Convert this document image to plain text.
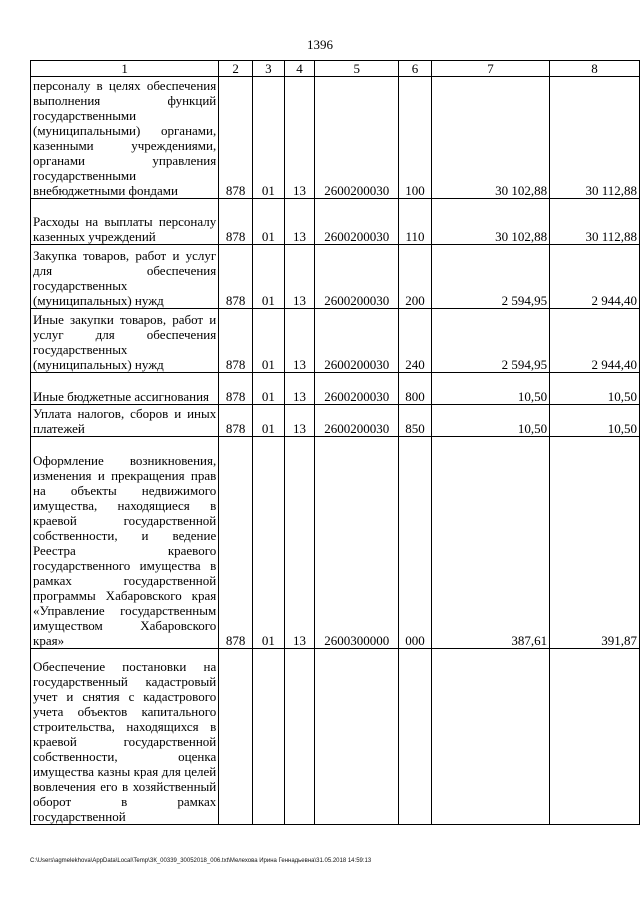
1396
1	2	3	4	5	6	7	8
персоналу в целях обеспечения выполнения функций государственными (муниципальными) органами, казенными учреждениями, органами управления государственными внебюджетными фондами	878	01	13	2600200030	100	30 102,88	30 112,88
Расходы на выплаты персоналу казенных учреждений	878	01	13	2600200030	110	30 102,88	30 112,88
Закупка товаров, работ и услуг для обеспечения государственных (муниципальных) нужд	878	01	13	2600200030	200	2 594,95	2 944,40
Иные закупки товаров, работ и услуг для обеспечения государственных (муниципальных) нужд	878	01	13	2600200030	240	2 594,95	2 944,40
Иные бюджетные ассигнования	878	01	13	2600200030	800	10,50	10,50
Уплата налогов, сборов и иных платежей	878	01	13	2600200030	850	10,50	10,50
Оформление возникновения, изменения и прекращения прав на объекты недвижимого имущества, находящиеся в краевой государственной собственности, и ведение Реестра краевого государственного имущества в рамках государственной программы Хабаровского края «Управление государственным имуществом Хабаровского края»	878	01	13	2600300000	000	387,61	391,87
Обеспечение постановки на государственный кадастровый учет и снятия с кадастрового учета объектов капитального строительства, находящихся в краевой государственной собственности, оценка имущества казны края для целей вовлечения его в хозяйственный оборот в рамках государственной							
C:\Users\agmelekhova\AppData\Local\Temp\ЗК_00339_30052018_006.txt\Мелехова Ирина Геннадьевна\31.05.2018 14:59:13
